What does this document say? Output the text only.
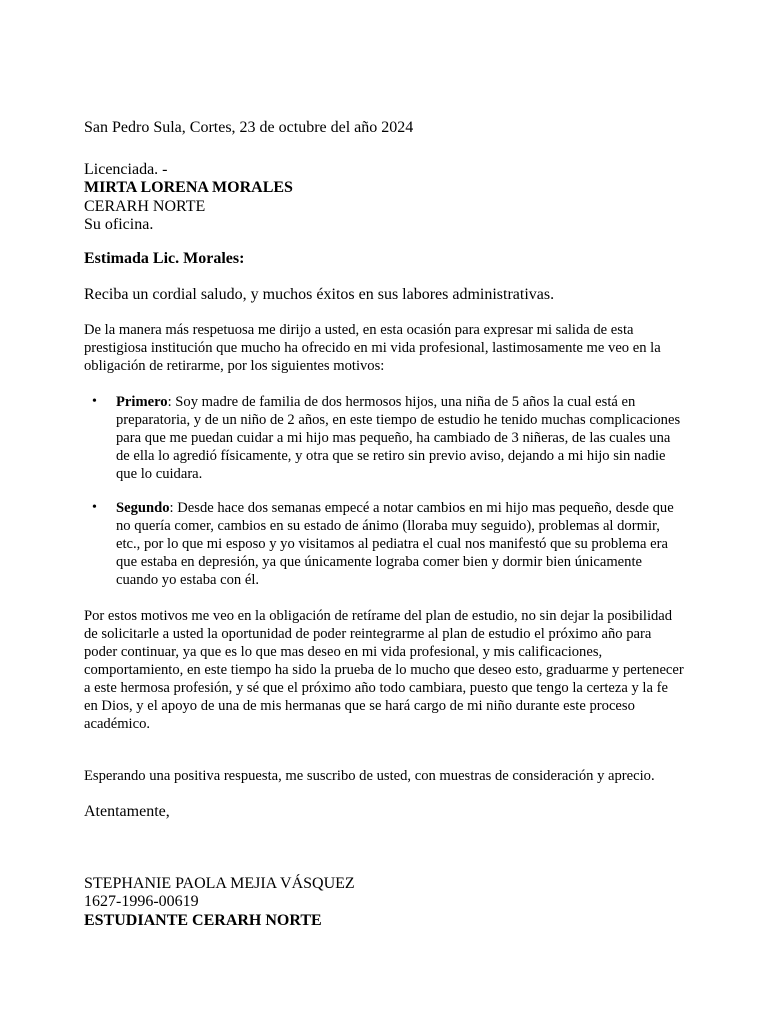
San Pedro Sula, Cortes, 23 de octubre del año 2024

Licenciada. -
MIRTA LORENA MORALES
CERARH NORTE
Su oficina.

Estimada Lic. Morales:

Reciba un cordial saludo, y muchos éxitos en sus labores administrativas.

De la manera más respetuosa me dirijo a usted, en esta ocasión para expresar mi salida de esta prestigiosa institución que mucho ha ofrecido en mi vida profesional, lastimosamente me veo en la obligación de retirarme, por los siguientes motivos:

• Primero: Soy madre de familia de dos hermosos hijos, una niña de 5 años la cual está en preparatoria, y de un niño de 2 años, en este tiempo de estudio he tenido muchas complicaciones para que me puedan cuidar a mi hijo mas pequeño, ha cambiado de 3 niñeras, de las cuales una de ella lo agredió físicamente, y otra que se retiro sin previo aviso, dejando a mi hijo sin nadie que lo cuidara.
• Segundo: Desde hace dos semanas empecé a notar cambios en mi hijo mas pequeño, desde que no quería comer, cambios en su estado de ánimo (lloraba muy seguido), problemas al dormir, etc., por lo que mi esposo y yo visitamos al pediatra el cual nos manifestó que su problema era que estaba en depresión, ya que únicamente lograba comer bien y dormir bien únicamente cuando yo estaba con él.

Por estos motivos me veo en la obligación de retírame del plan de estudio, no sin dejar la posibilidad de solicitarle a usted la oportunidad de poder reintegrarme al plan de estudio el próximo año para poder continuar, ya que es lo que mas deseo en mi vida profesional, y mis calificaciones, comportamiento, en este tiempo ha sido la prueba de lo mucho que deseo esto, graduarme y pertenecer a este hermosa profesión, y sé que el próximo año todo cambiara, puesto que tengo la certeza y la fe en Dios, y el apoyo de una de mis hermanas que se hará cargo de mi niño durante este proceso académico.

Esperando una positiva respuesta, me suscribo de usted, con muestras de consideración y aprecio.

Atentamente,

STEPHANIE PAOLA MEJIA VÁSQUEZ
1627-1996-00619
ESTUDIANTE CERARH NORTE
